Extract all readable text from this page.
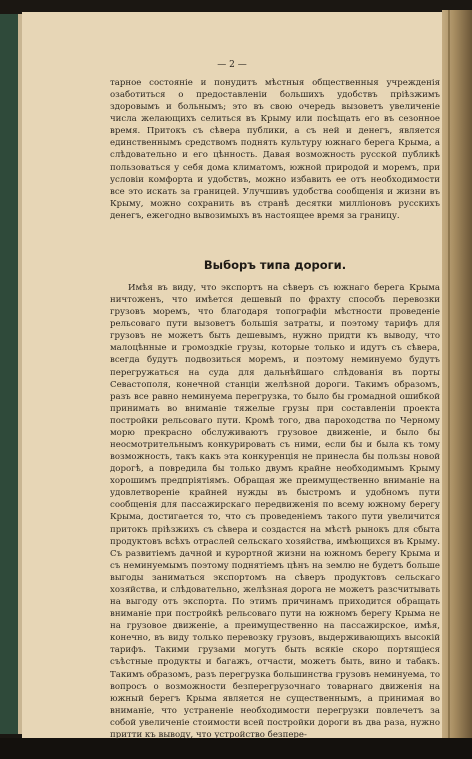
— 2 —

тарное состояніе и понудитъ мѣстныя общественныя учрежденія озаботиться о предоставленіи большихъ удобствъ пріѣзжимъ здоровымъ и больнымъ; это въ свою очередь вызоветъ увеличеніе числа желающихъ селиться въ Крыму или посѣщать его въ сезонное время. Притокъ съ сѣвера публики, а съ ней и денегъ, является единственнымъ средствомъ поднять культуру южнаго берега Крыма, а слѣдовательно и его цѣнность. Давая возможность русской публикѣ пользоваться у себя дома климатомъ, южной природой и моремъ, при условіи комфорта и удобствъ, можно избавить ее отъ необходимости все это искать за границей. Улучшивъ удобства сообщенія и жизни въ Крыму, можно сохранить въ странѣ десятки милліоновъ русскихъ денегъ, ежегодно вывозимыхъ въ настоящее время за границу.

Выборъ типа дороги.

Имѣя въ виду, что экспортъ на сѣверъ съ южнаго берега Крыма ничтоженъ, что имѣется дешевый по фрахту способъ перевозки грузовъ моремъ, что благодаря топографіи мѣстности проведеніе рельсоваго пути вызоветъ большія затраты, и поэтому тарифъ для грузовъ не можетъ быть дешевымъ, нужно придти къ выводу, что малоцѣнные и громоздкіе грузы, которые только и идутъ съ сѣвера, всегда будутъ подвозиться моремъ, и поэтому неминуемо будутъ перегружаться на суда для дальнѣйшаго слѣдованія въ порты Севастополя, конечной станціи желѣзной дороги. Такимъ образомъ, разъ все равно неминуема перегрузка, то было бы громадной ошибкой принимать во вниманіе тяжелые грузы при составленіи проекта постройки рельсоваго пути. Кромѣ того, два пароходства по Черному морю прекрасно обслуживаютъ грузовое движеніе, и было бы неосмотрительнымъ конкурировать съ ними, если бы и была къ тому возможность, такъ какъ эта конкуренція не принесла бы пользы новой дорогѣ, а повредила бы только двумъ крайне необходимымъ Крыму хорошимъ предпріятіямъ. Обращая же преимущественно вниманіе на удовлетвореніе крайней нужды въ быстромъ и удобномъ пути сообщенія для пассажирскаго передвиженія по всему южному берегу Крыма, достигается то, что съ проведеніемъ такого пути увеличится притокъ пріѣзжихъ съ сѣвера и создастся на мѣстѣ рынокъ для сбыта продуктовъ всѣхъ отраслей сельскаго хозяйства, имѣющихся въ Крыму. Съ развитіемъ дачной и курортной жизни на южномъ берегу Крыма и съ неминуемымъ поэтому поднятіемъ цѣнъ на землю не будетъ больше выгоды заниматься экспортомъ на сѣверъ продуктовъ сельскаго хозяйства, и слѣдовательно, желѣзная дорога не можетъ разсчитывать на выгоду отъ экспорта. По этимъ причинамъ приходится обращать вниманіе при постройкѣ рельсоваго пути на южномъ берегу Крыма не на грузовое движеніе, а преимущественно на пассажирское, имѣя, конечно, въ виду только перевозку грузовъ, выдерживающихъ высокій тарифъ. Такими грузами могутъ быть всякіе скоро портящіеся съѣстные продукты и багажъ, отчасти, можетъ быть, вино и табакъ. Такимъ образомъ, разъ перегрузка большинства грузовъ неминуема, то вопросъ о возможности безперегрузочнаго товарнаго движенія на южный берегъ Крыма является не существеннымъ, а принимая во вниманіе, что устраненіе необходимости перегрузки повлечетъ за собой увеличеніе стоимости всей постройки дороги въ два раза, нужно притти къ выводу, что устройство безпере-
